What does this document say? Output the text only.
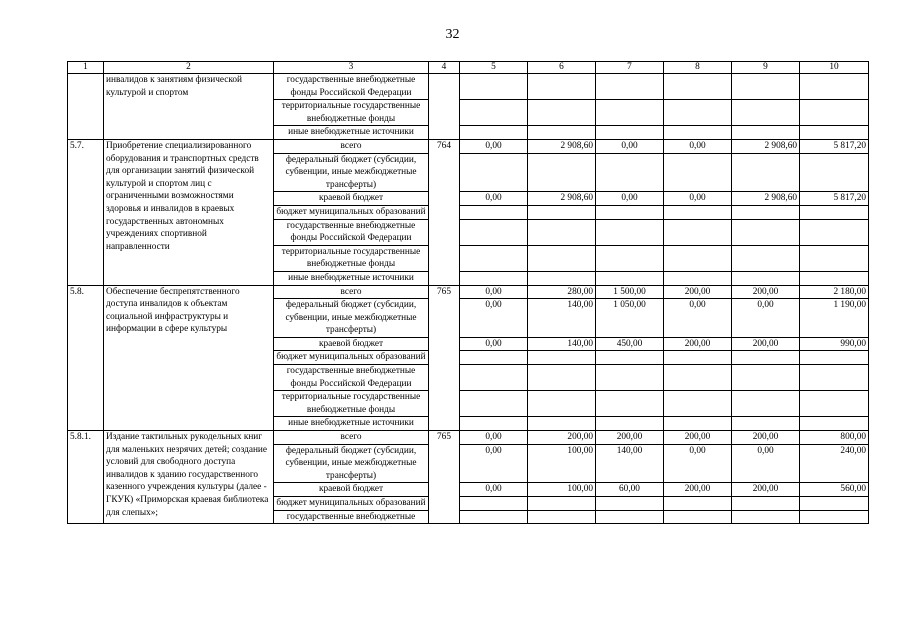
32
1	2	3	4	5	6	7	8	9	10
	инвалидов к занятиям физической культурой и спортом	государственные внебюджетные фонды Российской Федерации							
		территориальные государственные внебюджетные фонды							
		иные внебюджетные источники							
5.7.	Приобретение специализированного оборудования и транспортных средств для организации занятий физической культурой и спортом лиц с ограниченными возможностями здоровья и инвалидов в краевых государственных автономных учреждениях спортивной направленности	всего	764	0,00	2 908,60	0,00	0,00	2 908,60	5 817,20
		федеральный бюджет (субсидии, субвенции, иные межбюджетные трансферты)							
		краевой бюджет		0,00	2 908,60	0,00	0,00	2 908,60	5 817,20
		бюджет муниципальных образований							
		государственные внебюджетные фонды Российской Федерации							
		территориальные государственные внебюджетные фонды							
		иные внебюджетные источники							
5.8.	Обеспечение беспрепятственного доступа инвалидов к объектам социальной инфраструктуры и информации в сфере культуры	всего	765	0,00	280,00	1 500,00	200,00	200,00	2 180,00
		федеральный бюджет (субсидии, субвенции, иные межбюджетные трансферты)		0,00	140,00	1 050,00	0,00	0,00	1 190,00
		краевой бюджет		0,00	140,00	450,00	200,00	200,00	990,00
		бюджет муниципальных образований							
		государственные внебюджетные фонды Российской Федерации							
		территориальные государственные внебюджетные фонды							
		иные внебюджетные источники							
5.8.1.	Издание тактильных рукодельных книг для маленьких незрячих детей; создание условий для свободного доступа инвалидов к зданию государственного казенного учреждения культуры (далее - ГКУК) «Приморская краевая библиотека для слепых»;	всего	765	0,00	200,00	200,00	200,00	200,00	800,00
		федеральный бюджет (субсидии, субвенции, иные межбюджетные трансферты)		0,00	100,00	140,00	0,00	0,00	240,00
		краевой бюджет		0,00	100,00	60,00	200,00	200,00	560,00
		бюджет муниципальных образований							
		государственные внебюджетные							
